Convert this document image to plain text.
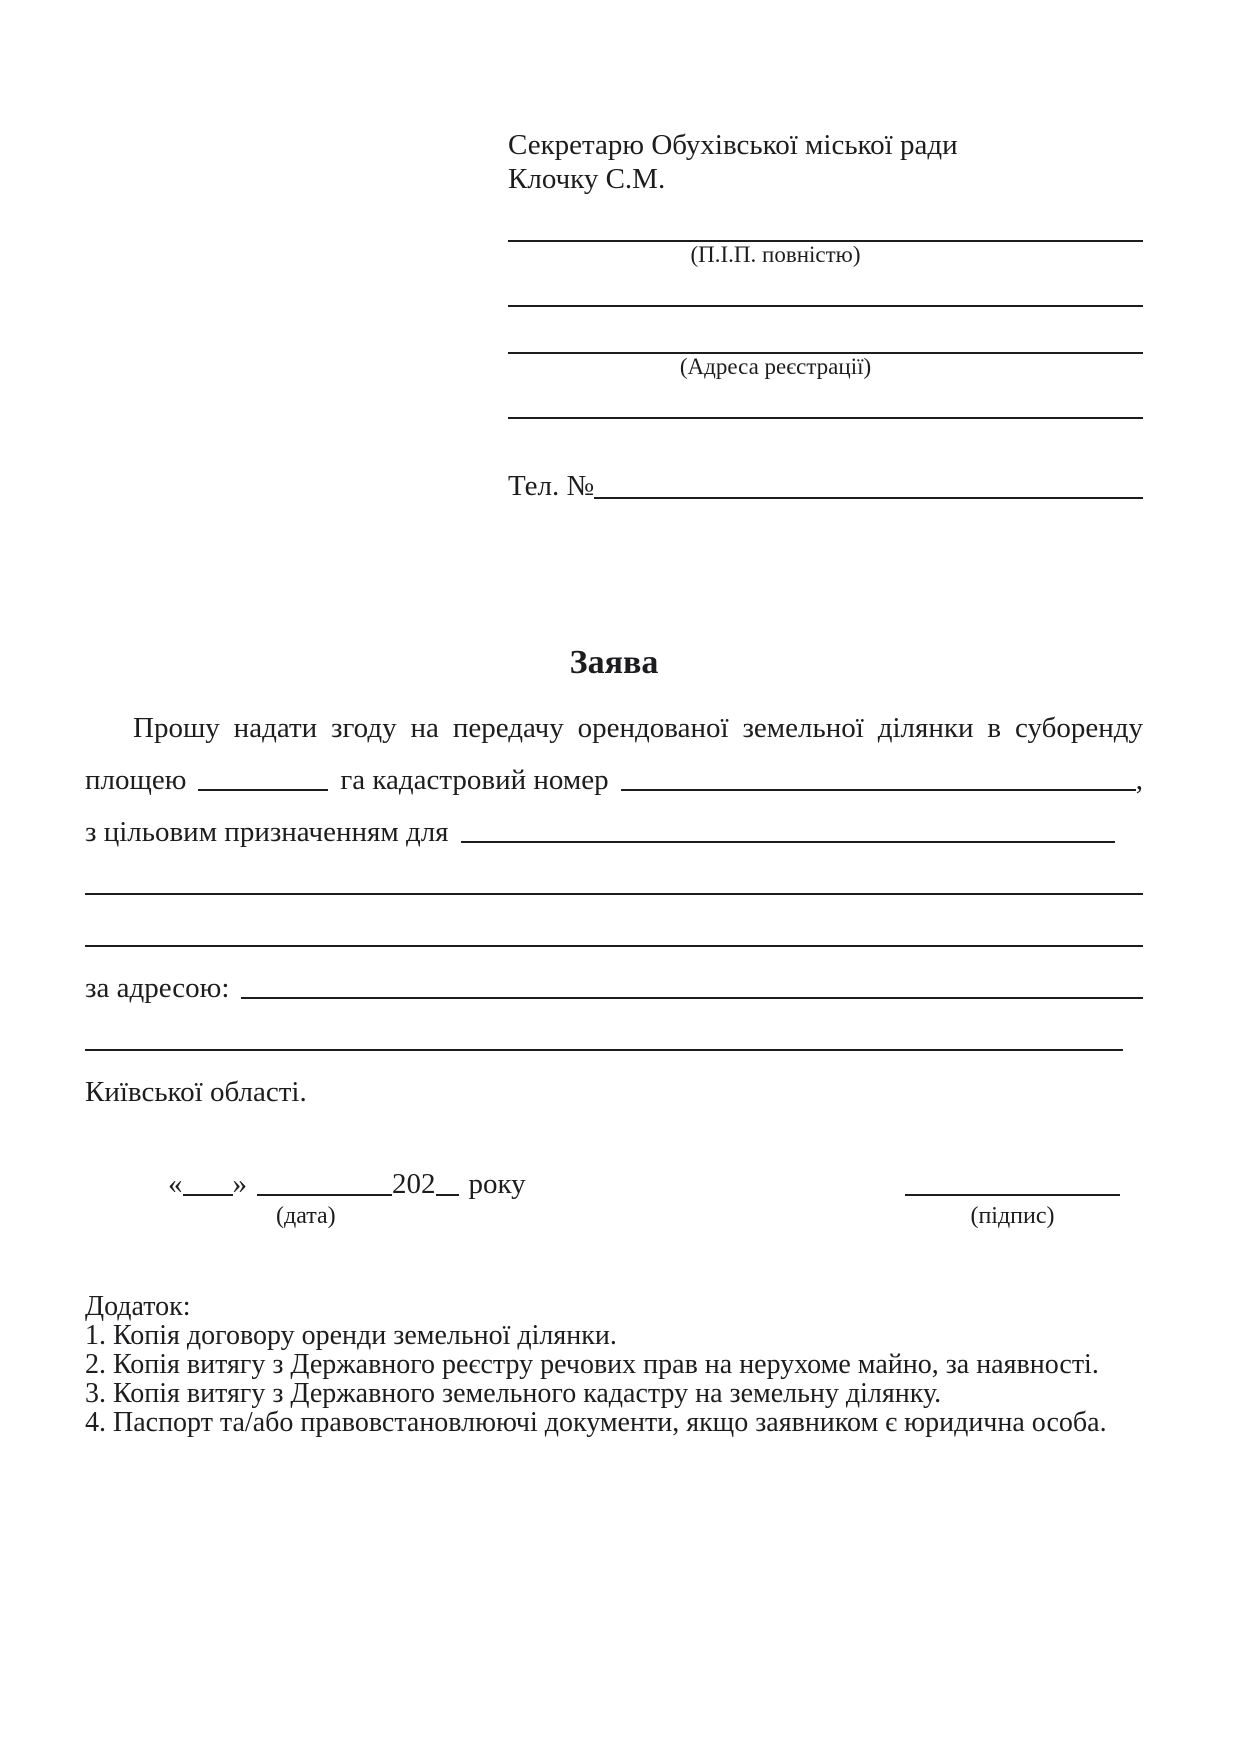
Секретарю Обухівської міської ради
Клочку С.М.
(П.І.П. повністю)
(Адреса реєстрації)
Тел. №
Заява
Прошу надати згоду на передачу орендованої земельної ділянки в суборенду
площею	га кадастровий номер	,
з цільовим призначенням для
за адресою:
Київської області.
« »	202 року
(дата)	(підпис)
Додаток:
1. Копія договору оренди земельної ділянки.
2. Копія витягу з Державного реєстру речових прав на нерухоме майно, за наявності.
3. Копія витягу з Державного земельного кадастру на земельну ділянку.
4. Паспорт та/або правовстановлюючі документи, якщо заявником є юридична особа.
